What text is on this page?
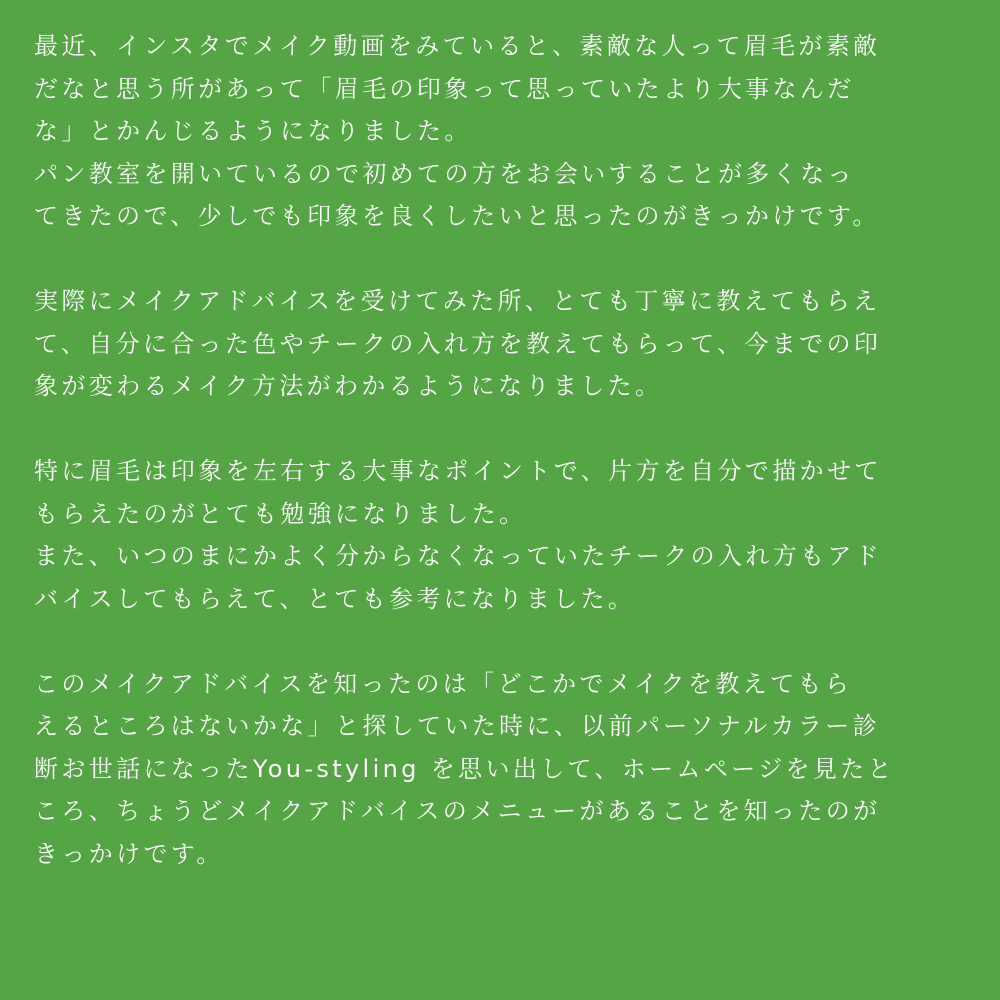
最近、インスタでメイク動画をみていると、素敵な人って眉毛が素敵
だなと思う所があって「眉毛の印象って思っていたより大事なんだ
な」とかんじるようになりました。
パン教室を開いているので初めての方をお会いすることが多くなっ
てきたので、少しでも印象を良くしたいと思ったのがきっかけです。
実際にメイクアドバイスを受けてみた所、とても丁寧に教えてもらえ
て、自分に合った色やチークの入れ方を教えてもらって、今までの印
象が変わるメイク方法がわかるようになりました。
特に眉毛は印象を左右する大事なポイントで、片方を自分で描かせて
もらえたのがとても勉強になりました。
また、いつのまにかよく分からなくなっていたチークの入れ方もアド
バイスしてもらえて、とても参考になりました。
このメイクアドバイスを知ったのは「どこかでメイクを教えてもら
えるところはないかな」と探していた時に、以前パーソナルカラー診
断お世話になったYou-styling を思い出して、ホームページを見たと
ころ、ちょうどメイクアドバイスのメニューがあることを知ったのが
きっかけです。
